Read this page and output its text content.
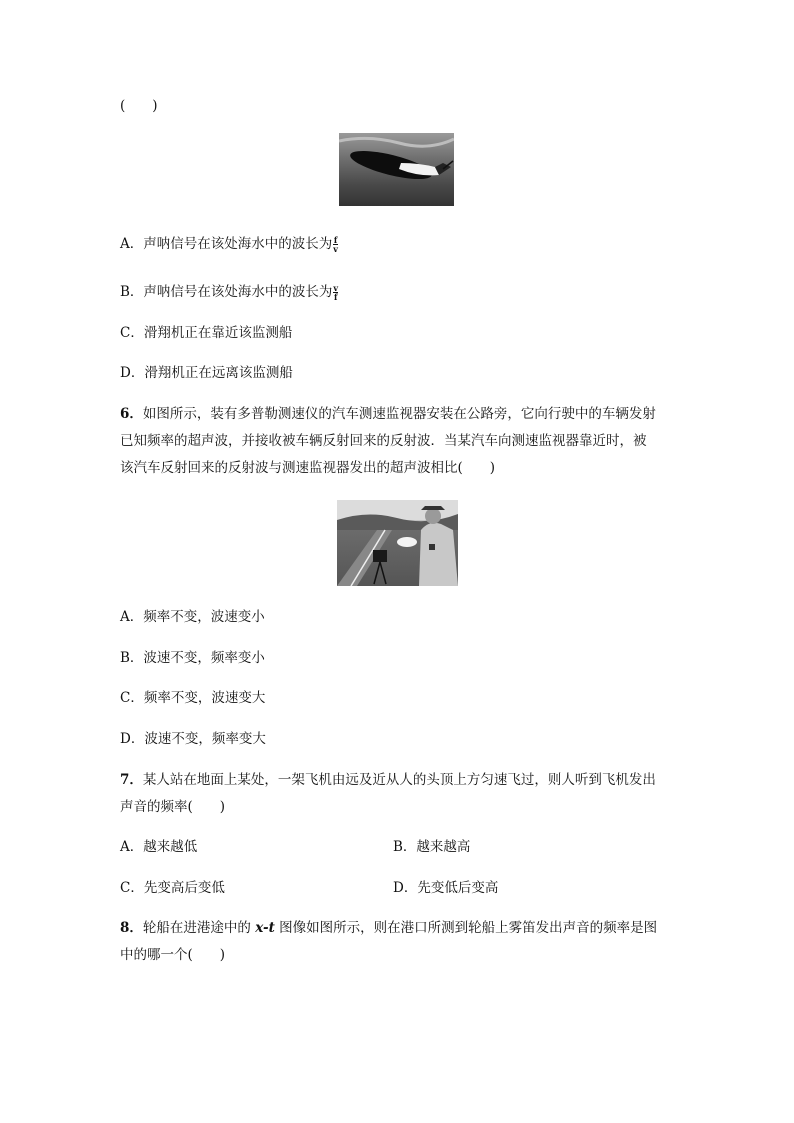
(　　)
A．声呐信号在该处海水中的波长为 $\frac{f}{v}$
B．声呐信号在该处海水中的波长为 $\frac{v}{f}$
C．滑翔机正在靠近该监测船
D．滑翔机正在远离该监测船
6．如图所示，装有多普勒测速仪的汽车测速监视器安装在公路旁，它向行驶中的车辆发射
已知频率的超声波，并接收被车辆反射回来的反射波．当某汽车向测速监视器靠近时，被
该汽车反射回来的反射波与测速监视器发出的超声波相比(　　)
A．频率不变，波速变小
B．波速不变，频率变小
C．频率不变，波速变大
D．波速不变，频率变大
7．某人站在地面上某处，一架飞机由远及近从人的头顶上方匀速飞过，则人听到飞机发出
声音的频率(　　)
A．越来越低	B．越来越高
C．先变高后变低	D．先变低后变高
8．轮船在进港途中的 x-t 图像如图所示，则在港口所测到轮船上雾笛发出声音的频率是图
中的哪一个(　　)
